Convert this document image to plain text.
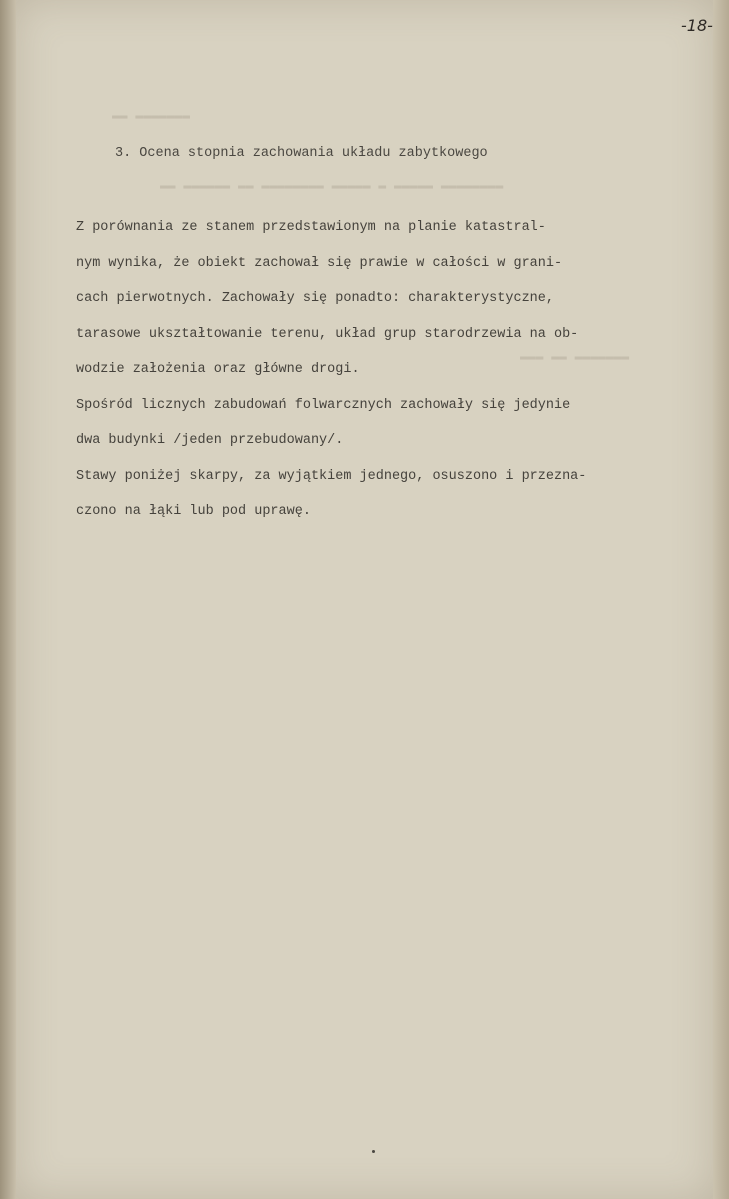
▬▬ ▬▬▬▬▬▬▬
▬▬ ▬▬▬▬▬▬ ▬▬ ▬▬▬▬▬▬▬▬ ▬▬▬▬▬ ▬ ▬▬▬▬▬ ▬▬▬▬▬▬▬▬
▬▬▬ ▬▬ ▬▬▬▬▬▬▬
-18-
3. Ocena stopnia zachowania układu zabytkowego
Z porównania ze stanem przedstawionym na planie katastral-
nym wynika, że obiekt zachował się prawie w całości w grani-
cach pierwotnych. Zachowały się ponadto: charakterystyczne,
tarasowe ukształtowanie terenu, układ grup starodrzewia na ob-
wodzie założenia oraz główne drogi.
Spośród licznych zabudowań folwarcznych zachowały się jedynie
dwa budynki /jeden przebudowany/.
Stawy poniżej skarpy, za wyjątkiem jednego, osuszono i przezna-
czono na łąki lub pod uprawę.
